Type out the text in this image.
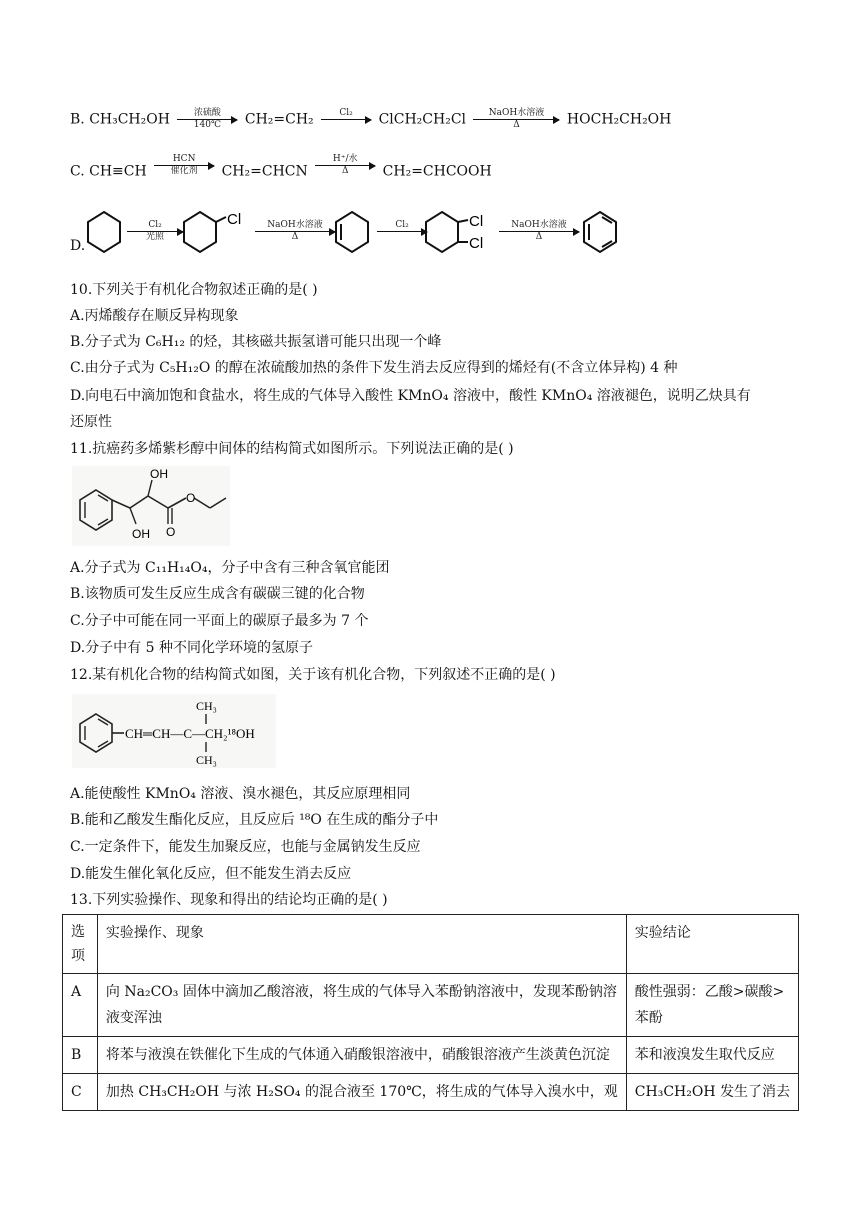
B. CH₃CH₂OH	浓硫酸
140℃ CH₂=CH₂	Cl₂
ClCH₂CH₂Cl	NaOH水溶液
Δ	HOCH₂CH₂OH
C. CH≡CH
HCN
催化剂 CH₂=CHCN
H⁺/水
Δ CH₂=CHCOOH
D.
Cl₂
光照
Cl	NaOH水溶液
Δ
Cl₂
	Cl
Cl
NaOH水溶液
Δ
10.下列关于有机化合物叙述正确的是( )
A.丙烯酸存在顺反异构现象
B.分子式为 C₆H₁₂ 的烃，其核磁共振氢谱可能只出现一个峰
C.由分子式为 C₅H₁₂O 的醇在浓硫酸加热的条件下发生消去反应得到的烯烃有(不含立体异构) 4 种
D.向电石中滴加饱和食盐水，将生成的气体导入酸性 KMnO₄ 溶液中，酸性 KMnO₄ 溶液褪色，说明乙炔具有
还原性
11.抗癌药多烯紫杉醇中间体的结构简式如图所示。下列说法正确的是( )
OH
OH O
O
A.分子式为 C₁₁H₁₄O₄，分子中含有三种含氧官能团
B.该物质可发生反应生成含有碳碳三键的化合物
C.分子中可能在同一平面上的碳原子最多为 7 个
D.分子中有 5 种不同化学环境的氢原子
12.某有机化合物的结构简式如图，关于该有机化合物，下列叙述不正确的是( )
CH═CH—C—CH₂¹⁸OH
CH₃
CH₃
A.能使酸性 KMnO₄ 溶液、溴水褪色，其反应原理相同
B.能和乙酸发生酯化反应，且反应后 ¹⁸O 在生成的酯分子中
C.一定条件下，能发生加聚反应，也能与金属钠发生反应
D.能发生催化氧化反应，但不能发生消去反应
13.下列实验操作、现象和得出的结论均正确的是( )
选项	实验操作、现象	实验结论
A	向 Na₂CO₃ 固体中滴加乙酸溶液，将生成的气体导入苯酚钠溶液中，发现苯酚钠溶液变浑浊	酸性强弱：乙酸>碳酸>苯酚
B	将苯与液溴在铁催化下生成的气体通入硝酸银溶液中，硝酸银溶液产生淡黄色沉淀	苯和液溴发生取代反应
C	加热 CH₃CH₂OH 与浓 H₂SO₄ 的混合液至 170℃，将生成的气体导入溴水中，观	CH₃CH₂OH 发生了消去
